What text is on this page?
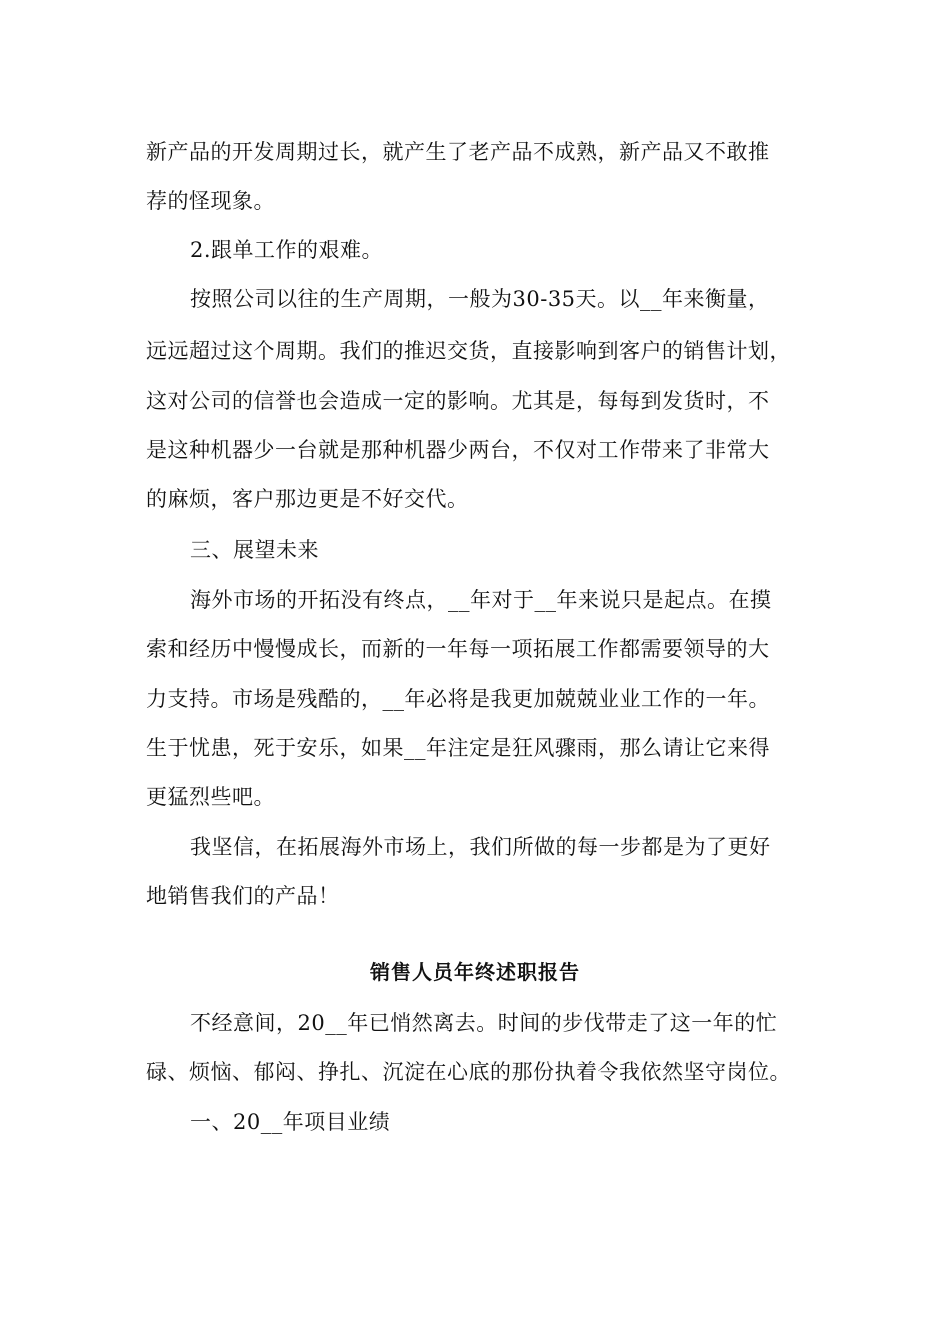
新产品的开发周期过长，就产生了老产品不成熟，新产品又不敢推
荐的怪现象。
2.跟单工作的艰难。
按照公司以往的生产周期，一般为30-35天。以__年来衡量，
远远超过这个周期。我们的推迟交货，直接影响到客户的销售计划，
这对公司的信誉也会造成一定的影响。尤其是，每每到发货时，不
是这种机器少一台就是那种机器少两台，不仅对工作带来了非常大
的麻烦，客户那边更是不好交代。
三、展望未来
海外市场的开拓没有终点，__年对于__年来说只是起点。在摸
索和经历中慢慢成长，而新的一年每一项拓展工作都需要领导的大
力支持。市场是残酷的，__年必将是我更加兢兢业业工作的一年。
生于忧患，死于安乐，如果__年注定是狂风骤雨，那么请让它来得
更猛烈些吧。
我坚信，在拓展海外市场上，我们所做的每一步都是为了更好
地销售我们的产品！
销售人员年终述职报告
不经意间，20__年已悄然离去。时间的步伐带走了这一年的忙
碌、烦恼、郁闷、挣扎、沉淀在心底的那份执着令我依然坚守岗位。
一、20__年项目业绩
